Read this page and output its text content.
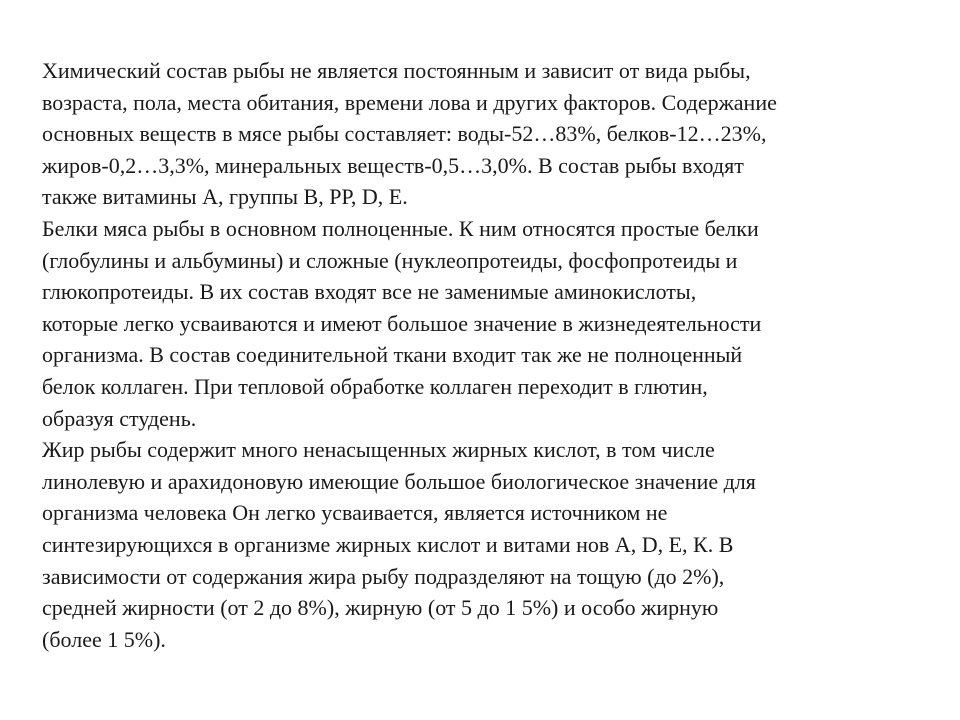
Химический состав рыбы не является постоянным и зависит от вида рыбы,
возраста, пола, места обитания, времени лова и других факторов. Содержание
основных веществ в мясе рыбы составляет: воды-52…83%, белков-12…23%,
жиров-0,2…3,3%, минеральных веществ-0,5…3,0%. В состав рыбы входят
также витамины А, группы В, РР, D, Е.
Белки мяса рыбы в основном полноценные. К ним относятся простые белки
(глобулины и альбумины) и сложные (нуклеопротеиды, фосфопротеиды и
глюкопротеиды. В их состав входят все не заменимые аминокислоты,
которые легко усваиваются и имеют большое значение в жизнедеятельности
организма. В состав соединительной ткани входит так же не полноценный
белок коллаген. При тепловой обработке коллаген переходит в глютин,
образуя студень.
Жир рыбы содержит много ненасыщенных жирных кислот, в том числе
линолевую и арахидоновую имеющие большое биологическое значение для
организма человека Он легко усваивается, является источником не
синтезирующихся в организме жирных кислот и витами нов А, D, Е, К. В
зависимости от содержания жира рыбу подразделяют на тощую (до 2%),
средней жирности (от 2 до 8%), жирную (от 5 до 1 5%) и особо жирную
(более 1 5%).
